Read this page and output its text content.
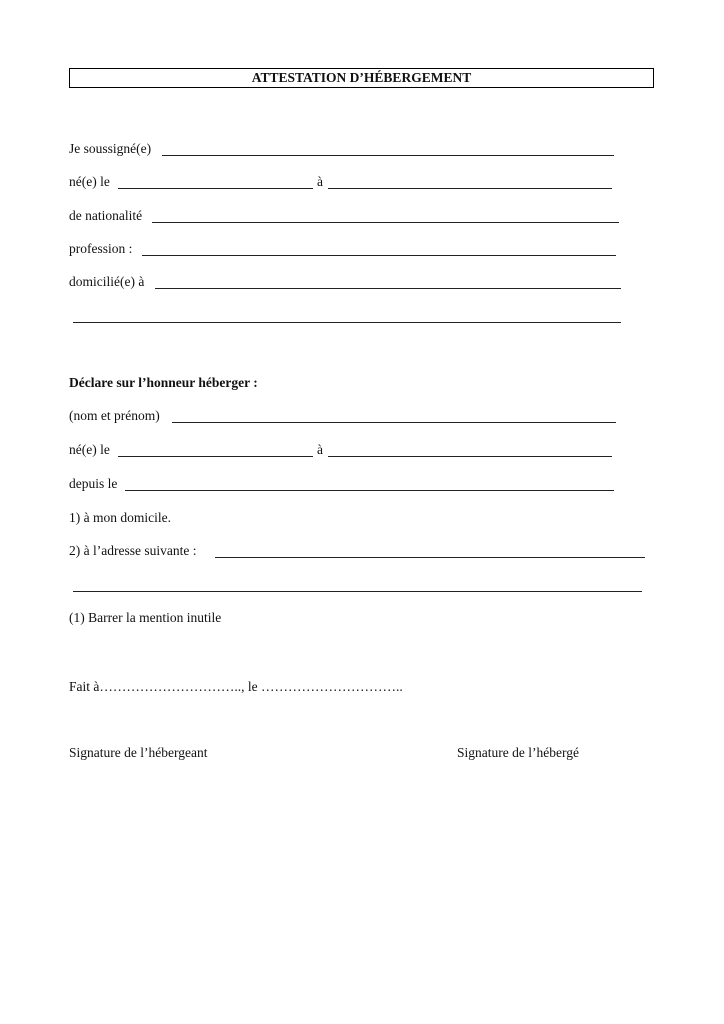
ATTESTATION D’HÉBERGEMENT
Je soussigné(e)
né(e) le	à
de nationalité
profession :
domicilié(e) à
Déclare sur l’honneur héberger :
(nom et prénom)
né(e) le	à
depuis le
1) à mon domicile.
2) à l’adresse suivante :
(1) Barrer la mention inutile
Fait à………………………….., le …………………………..
Signature de l’hébergeant	Signature de l’hébergé
